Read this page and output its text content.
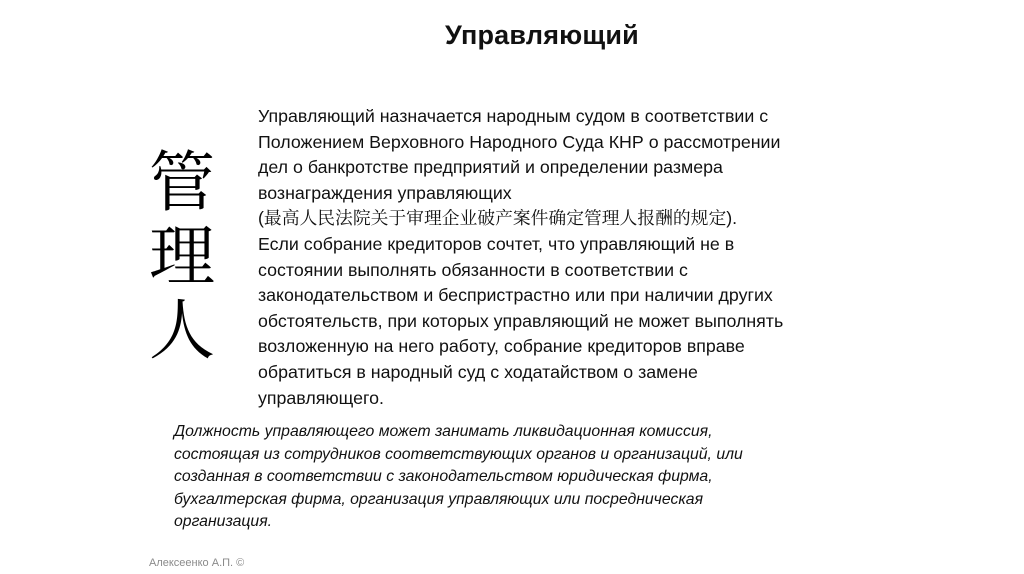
Управляющий
管
理
人
Управляющий назначается народным судом в соответствии с
Положением Верховного Народного Суда КНР о рассмотрении
дел о банкротстве предприятий и определении размера
вознаграждения управляющих
(最高人民法院关于审理企业破产案件确定管理人报酬的规定).
Если собрание кредиторов сочтет, что управляющий не в
состоянии выполнять обязанности в соответствии с
законодательством и беспристрастно или при наличии других
обстоятельств, при которых управляющий не может выполнять
возложенную на него работу, собрание кредиторов вправе
обратиться в народный суд с ходатайством о замене
управляющего.
Должность управляющего может занимать ликвидационная комиссия,
состоящая из сотрудников соответствующих органов и организаций, или
созданная в соответствии с законодательством юридическая фирма,
бухгалтерская фирма, организация управляющих или посредническая
организация.
Алексеенко А.П. ©
